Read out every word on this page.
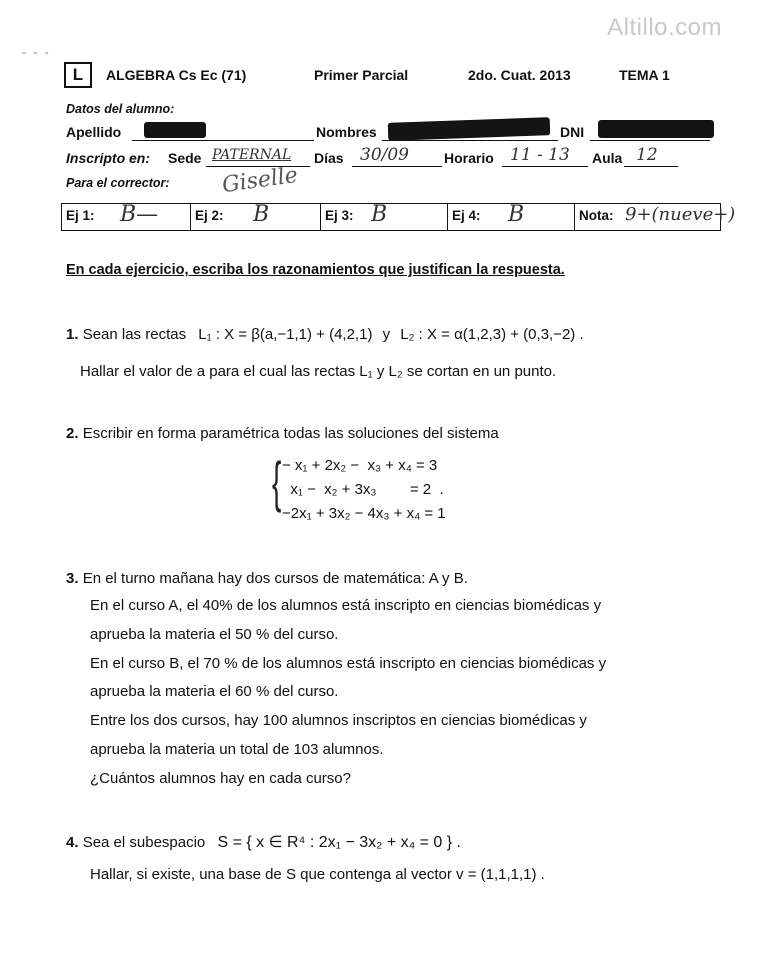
Altillo.com
- - -
L	ALGEBRA Cs Ec (71)	Primer Parcial	2do. Cuat. 2013	TEMA 1
Datos del alumno:
Apellido	Nombres	DNI
Inscripto en: Sede PATERNAL Días 30/09	Horario 11 - 13 Aula 12
Para el corrector: Giselle
Ej 1: B—	Ej 2: B	Ej 3: B	Ej 4: B	Nota: 9+(nueve+)
En cada ejercicio, escriba los razonamientos que justifican la respuesta.
1. Sean las rectas L₁ : X = β(a,−1,1) + (4,2,1) y L₂ : X = α(1,2,3) + (0,3,−2) .
Hallar el valor de a para el cual las rectas L₁ y L₂ se cortan en un punto.
2. Escribir en forma paramétrica todas las soluciones del sistema
{ − x₁ + 2x₂ −  x₃ + x₄ = 3
x₁ −  x₂ + 3x₃        = 2  .
−2x₁ + 3x₂ − 4x₃ + x₄ = 1
3. En el turno mañana hay dos cursos de matemática: A y B.
En el curso A, el 40% de los alumnos está inscripto en ciencias biomédicas y
aprueba la materia el 50 % del curso.
En el curso B, el 70 % de los alumnos está inscripto en ciencias biomédicas y
aprueba la materia el 60 % del curso.
Entre los dos cursos, hay 100 alumnos inscriptos en ciencias biomédicas y
aprueba la materia un total de 103 alumnos.
¿Cuántos alumnos hay en cada curso?
4. Sea el subespacio S = { x ∈ R⁴ : 2x₁ − 3x₂ + x₄ = 0 } .
Hallar, si existe, una base de S que contenga al vector v = (1,1,1,1) .
